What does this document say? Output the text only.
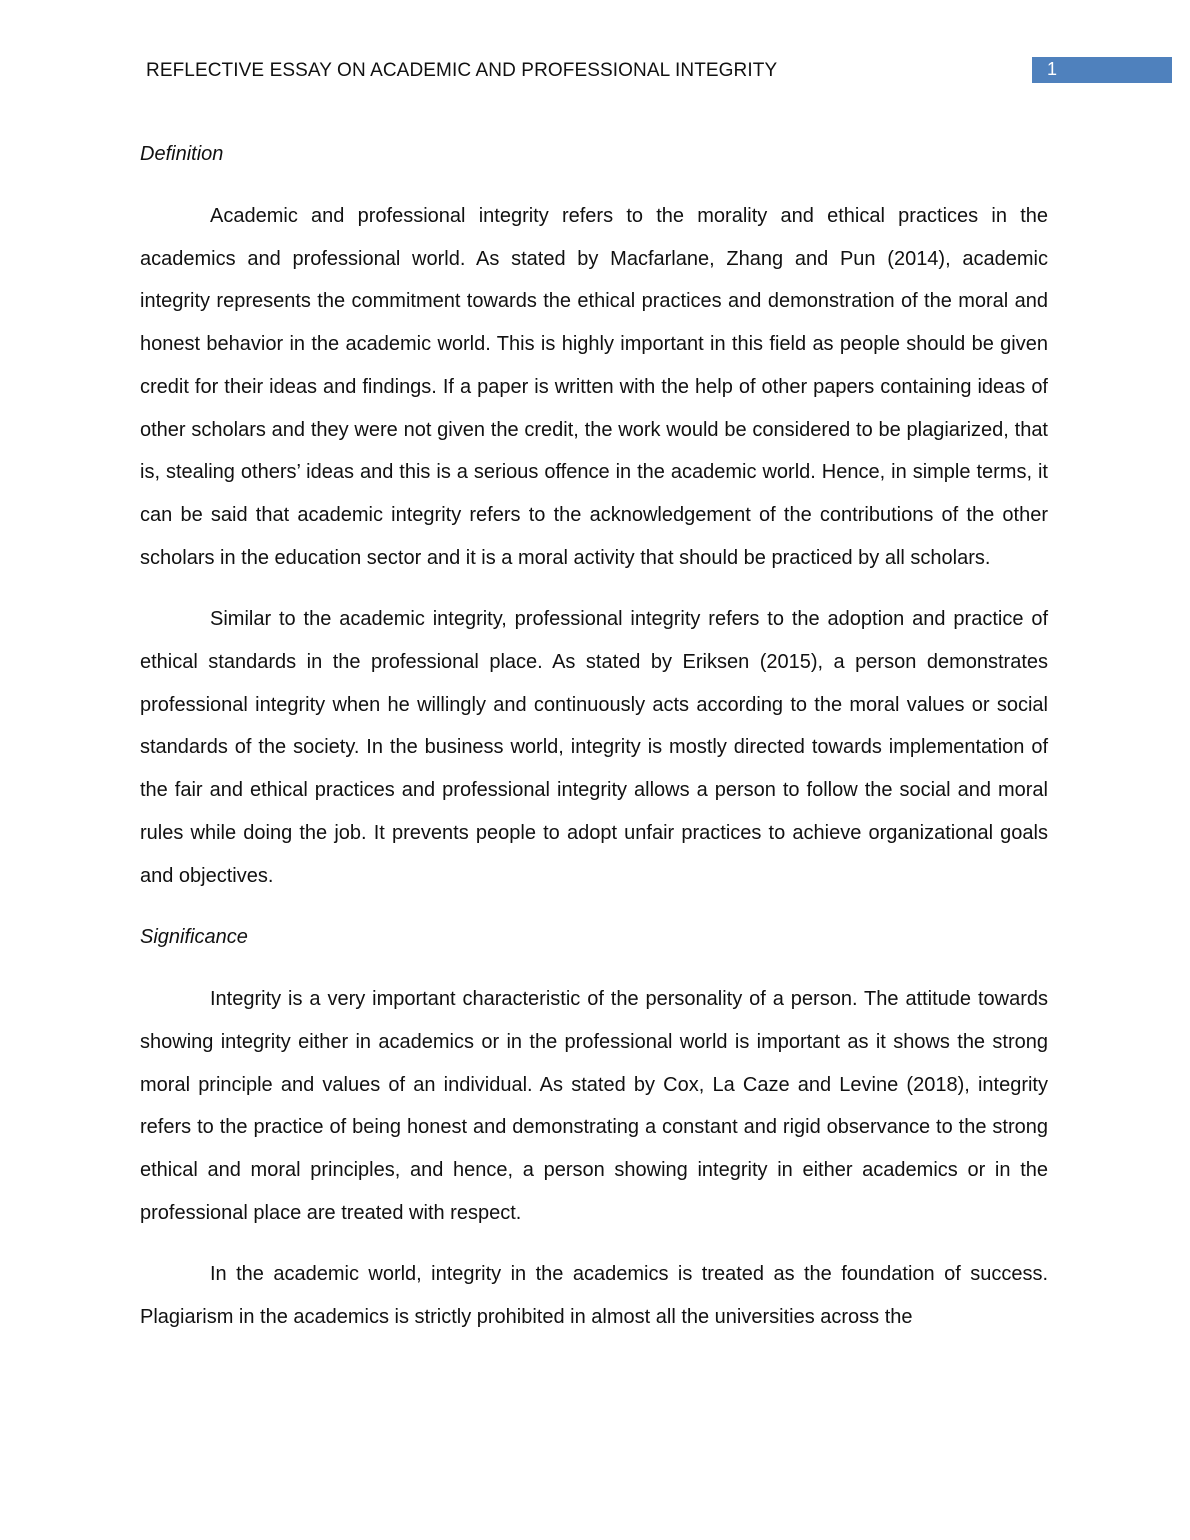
REFLECTIVE ESSAY ON ACADEMIC AND PROFESSIONAL INTEGRITY	1
Definition

Academic and professional integrity refers to the morality and ethical practices in the academics and professional world. As stated by Macfarlane, Zhang and Pun (2014), academic integrity represents the commitment towards the ethical practices and demonstration of the moral and honest behavior in the academic world. This is highly important in this field as people should be given credit for their ideas and findings. If a paper is written with the help of other papers containing ideas of other scholars and they were not given the credit, the work would be considered to be plagiarized, that is, stealing others’ ideas and this is a serious offence in the academic world. Hence, in simple terms, it can be said that academic integrity refers to the acknowledgement of the contributions of the other scholars in the education sector and it is a moral activity that should be practiced by all scholars.

Similar to the academic integrity, professional integrity refers to the adoption and practice of ethical standards in the professional place. As stated by Eriksen (2015), a person demonstrates professional integrity when he willingly and continuously acts according to the moral values or social standards of the society. In the business world, integrity is mostly directed towards implementation of the fair and ethical practices and professional integrity allows a person to follow the social and moral rules while doing the job. It prevents people to adopt unfair practices to achieve organizational goals and objectives.

Significance

Integrity is a very important characteristic of the personality of a person. The attitude towards showing integrity either in academics or in the professional world is important as it shows the strong moral principle and values of an individual. As stated by Cox, La Caze and Levine (2018), integrity refers to the practice of being honest and demonstrating a constant and rigid observance to the strong ethical and moral principles, and hence, a person showing integrity in either academics or in the professional place are treated with respect.

In the academic world, integrity in the academics is treated as the foundation of success. Plagiarism in the academics is strictly prohibited in almost all the universities across the
